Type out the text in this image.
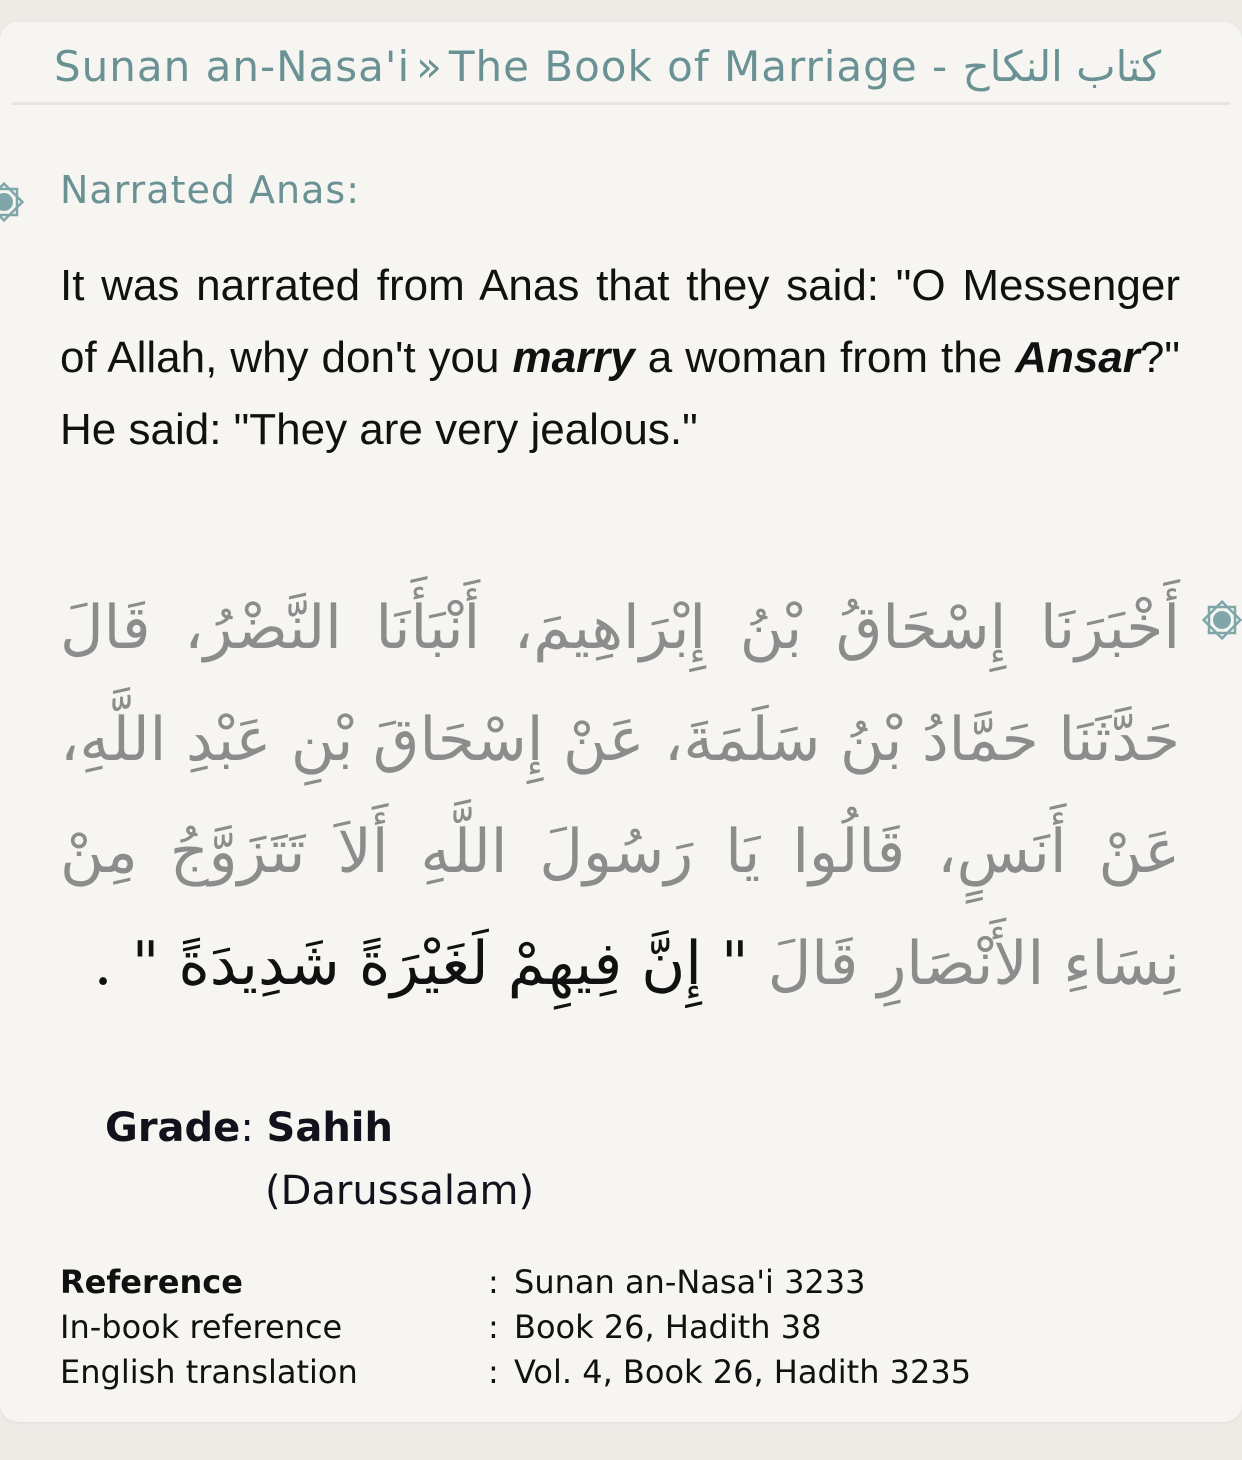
Sunan an-Nasa'i » The Book of Marriage - كتاب النكاح
Narrated Anas:
It was narrated from Anas that they said: "O Messenger of Allah, why don't you marry a woman from the Ansar?" He said: "They are very jealous."
أَخْبَرَنَا إِسْحَاقُ بْنُ إِبْرَاهِيمَ، أَنْبَأَنَا النَّضْرُ، قَالَ حَدَّثَنَا حَمَّادُ بْنُ سَلَمَةَ، عَنْ إِسْحَاقَ بْنِ عَبْدِ اللَّهِ، عَنْ أَنَسٍ، قَالُوا يَا رَسُولَ اللَّهِ أَلاَ تَتَزَوَّجُ مِنْ نِسَاءِ الأَنْصَارِ قَالَ " إِنَّ فِيهِمْ لَغَيْرَةً شَدِيدَةً " .
Grade: Sahih
(Darussalam)
Reference	: Sunan an-Nasa'i 3233
In-book reference	: Book 26, Hadith 38
English translation	: Vol. 4, Book 26, Hadith 3235
